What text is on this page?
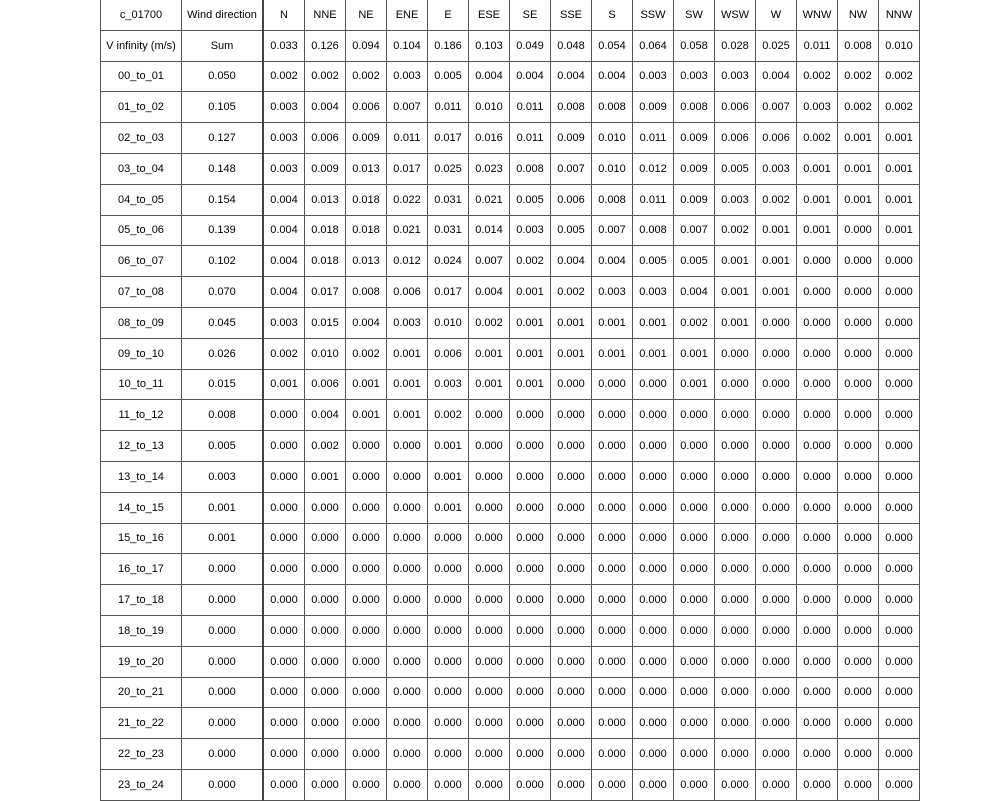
c_01700	Wind direction	N	NNE	NE	ENE	E	ESE	SE	SSE	S	SSW	SW	WSW	W	WNW	NW	NNW
V infinity (m/s)	Sum	0.033	0.126	0.094	0.104	0.186	0.103	0.049	0.048	0.054	0.064	0.058	0.028	0.025	0.011	0.008	0.010
00_to_01	0.050	0.002	0.002	0.002	0.003	0.005	0.004	0.004	0.004	0.004	0.003	0.003	0.003	0.004	0.002	0.002	0.002
01_to_02	0.105	0.003	0.004	0.006	0.007	0.011	0.010	0.011	0.008	0.008	0.009	0.008	0.006	0.007	0.003	0.002	0.002
02_to_03	0.127	0.003	0.006	0.009	0.011	0.017	0.016	0.011	0.009	0.010	0.011	0.009	0.006	0.006	0.002	0.001	0.001
03_to_04	0.148	0.003	0.009	0.013	0.017	0.025	0.023	0.008	0.007	0.010	0.012	0.009	0.005	0.003	0.001	0.001	0.001
04_to_05	0.154	0.004	0.013	0.018	0.022	0.031	0.021	0.005	0.006	0.008	0.011	0.009	0.003	0.002	0.001	0.001	0.001
05_to_06	0.139	0.004	0.018	0.018	0.021	0.031	0.014	0.003	0.005	0.007	0.008	0.007	0.002	0.001	0.001	0.000	0.001
06_to_07	0.102	0.004	0.018	0.013	0.012	0.024	0.007	0.002	0.004	0.004	0.005	0.005	0.001	0.001	0.000	0.000	0.000
07_to_08	0.070	0.004	0.017	0.008	0.006	0.017	0.004	0.001	0.002	0.003	0.003	0.004	0.001	0.001	0.000	0.000	0.000
08_to_09	0.045	0.003	0.015	0.004	0.003	0.010	0.002	0.001	0.001	0.001	0.001	0.002	0.001	0.000	0.000	0.000	0.000
09_to_10	0.026	0.002	0.010	0.002	0.001	0.006	0.001	0.001	0.001	0.001	0.001	0.001	0.000	0.000	0.000	0.000	0.000
10_to_11	0.015	0.001	0.006	0.001	0.001	0.003	0.001	0.001	0.000	0.000	0.000	0.001	0.000	0.000	0.000	0.000	0.000
11_to_12	0.008	0.000	0.004	0.001	0.001	0.002	0.000	0.000	0.000	0.000	0.000	0.000	0.000	0.000	0.000	0.000	0.000
12_to_13	0.005	0.000	0.002	0.000	0.000	0.001	0.000	0.000	0.000	0.000	0.000	0.000	0.000	0.000	0.000	0.000	0.000
13_to_14	0.003	0.000	0.001	0.000	0.000	0.001	0.000	0.000	0.000	0.000	0.000	0.000	0.000	0.000	0.000	0.000	0.000
14_to_15	0.001	0.000	0.000	0.000	0.000	0.001	0.000	0.000	0.000	0.000	0.000	0.000	0.000	0.000	0.000	0.000	0.000
15_to_16	0.001	0.000	0.000	0.000	0.000	0.000	0.000	0.000	0.000	0.000	0.000	0.000	0.000	0.000	0.000	0.000	0.000
16_to_17	0.000	0.000	0.000	0.000	0.000	0.000	0.000	0.000	0.000	0.000	0.000	0.000	0.000	0.000	0.000	0.000	0.000
17_to_18	0.000	0.000	0.000	0.000	0.000	0.000	0.000	0.000	0.000	0.000	0.000	0.000	0.000	0.000	0.000	0.000	0.000
18_to_19	0.000	0.000	0.000	0.000	0.000	0.000	0.000	0.000	0.000	0.000	0.000	0.000	0.000	0.000	0.000	0.000	0.000
19_to_20	0.000	0.000	0.000	0.000	0.000	0.000	0.000	0.000	0.000	0.000	0.000	0.000	0.000	0.000	0.000	0.000	0.000
20_to_21	0.000	0.000	0.000	0.000	0.000	0.000	0.000	0.000	0.000	0.000	0.000	0.000	0.000	0.000	0.000	0.000	0.000
21_to_22	0.000	0.000	0.000	0.000	0.000	0.000	0.000	0.000	0.000	0.000	0.000	0.000	0.000	0.000	0.000	0.000	0.000
22_to_23	0.000	0.000	0.000	0.000	0.000	0.000	0.000	0.000	0.000	0.000	0.000	0.000	0.000	0.000	0.000	0.000	0.000
23_to_24	0.000	0.000	0.000	0.000	0.000	0.000	0.000	0.000	0.000	0.000	0.000	0.000	0.000	0.000	0.000	0.000	0.000
